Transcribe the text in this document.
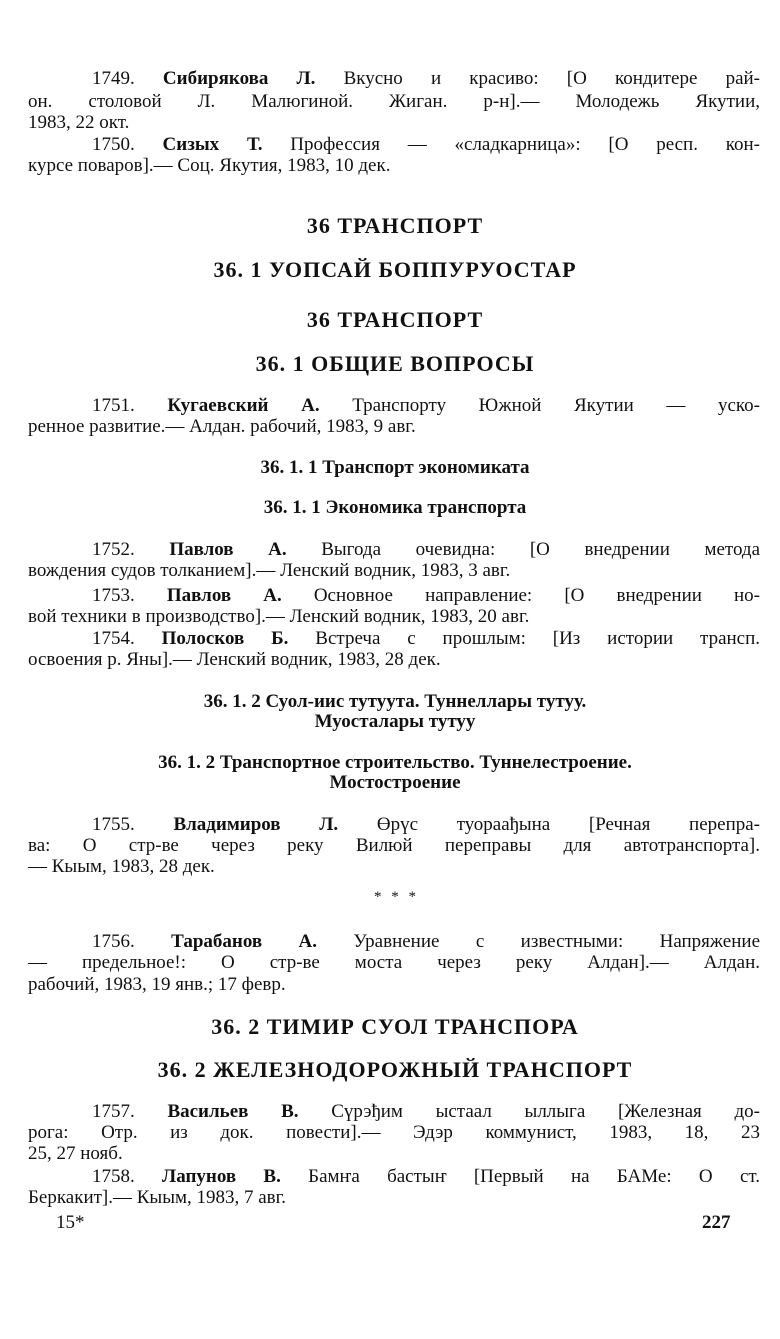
1749. Сибирякова Л. Вкусно и красиво: [О кондитере рай-
он. столовой Л. Малюгиной. Жиган. р-н].— Молодежь Якутии,
1983, 22 окт.
1750. Сизых Т. Профессия — «сладкарница»: [О респ. кон-
курсе поваров].— Соц. Якутия, 1983, 10 дек.
1751. Кугаевский А. Транспорту Южной Якутии — уско-
ренное развитие.— Алдан. рабочий, 1983, 9 авг.
1752. Павлов А. Выгода очевидна: [О внедрении метода
вождения судов толканием].— Ленский водник, 1983, 3 авг.
1753. Павлов А. Основное направление: [О внедрении но-
вой техники в производство].— Ленский водник, 1983, 20 авг.
1754. Полосков Б. Встреча с прошлым: [Из истории трансп.
освоения р. Яны].— Ленский водник, 1983, 28 дек.
1755. Владимиров Л. Өрүс туораађына [Речная перепра-
ва: О стр-ве через реку Вилюй переправы для автотранспорта].
— Кыым, 1983, 28 дек.
1756. Тарабанов А. Уравнение с известными: Напряжение
— предельное!: О стр-ве моста через реку Алдан].— Алдан.
рабочий, 1983, 19 янв.; 17 февр.
1757. Васильев В. Сүрэђим ыстаал ыллыга [Железная до-
рога: Отр. из док. повести].— Эдэр коммунист, 1983, 18, 23
25, 27 нояб.
1758. Лапунов В. Бамҥа бастыҥ [Первый на БАМе: О ст.
Беркакит].— Кыым, 1983, 7 авг.
36 ТРАНСПОРТ
36. 1 УОПСАЙ БОППУРУОСТАР
36 ТРАНСПОРТ
36. 1 ОБЩИЕ ВОПРОСЫ
36. 1. 1 Транспорт экономиката
36. 1. 1 Экономика транспорта
36. 1. 2 Суол-иис тутуута. Туннеллары тутуу.
Муосталары тутуу
36. 1. 2 Транспортное строительство. Туннелестроение.
Мостостроение
36. 2 ТИМИР СУОЛ ТРАНСПОРА
36. 2 ЖЕЛЕЗНОДОРОЖНЫЙ ТРАНСПОРТ
* * *
15*	227
